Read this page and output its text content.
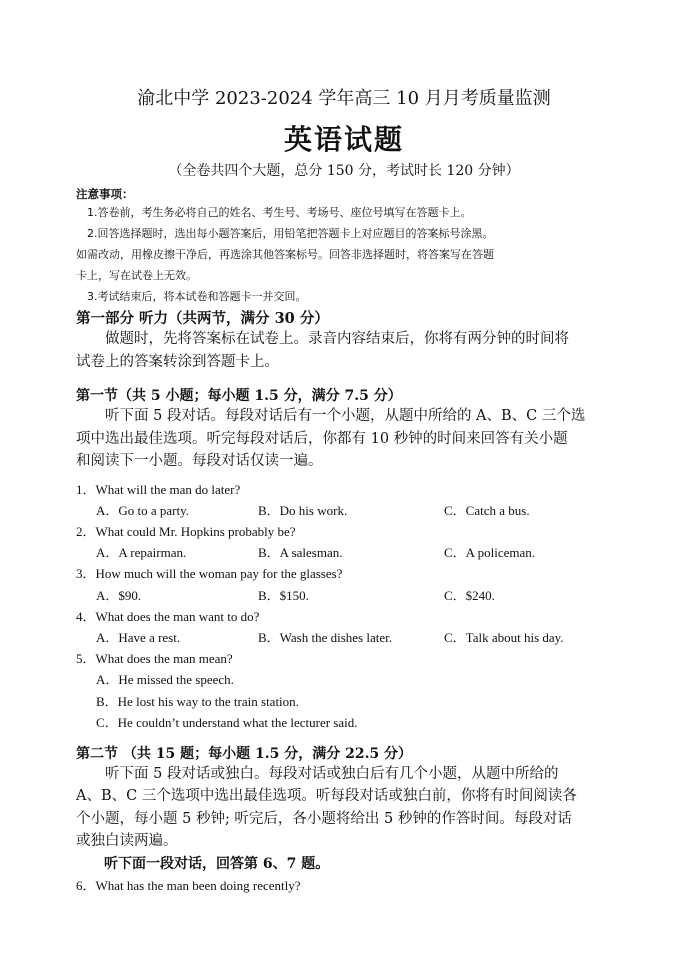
渝北中学 2023-2024 学年高三 10 月月考质量监测

英语试题

（全卷共四个大题，总分 150 分，考试时长 120 分钟）

注意事项：

1.答卷前，考生务必将自己的姓名、考生号、考场号、座位号填写在答题卡上。

2.回答选择题时，选出每小题答案后，用铅笔把答题卡上对应题目的答案标号涂黑。

如需改动，用橡皮擦干净后，再选涂其他答案标号。回答非选择题时，将答案写在答题

卡上，写在试卷上无效。

3.考试结束后，将本试卷和答题卡一并交回。

第一部分 听力（共两节，满分 30 分）

做题时，先将答案标在试卷上。录音内容结束后，你将有两分钟的时间将

试卷上的答案转涂到答题卡上。

第一节（共 5 小题；每小题 1.5 分，满分 7.5 分）

听下面 5 段对话。每段对话后有一个小题，从题中所给的 A、B、C 三个选

项中选出最佳选项。听完每段对话后，你都有 10 秒钟的时间来回答有关小题

和阅读下一小题。每段对话仅读一遍。

1．What will the man do later?

A．Go to a party.	B．Do his work.	C．Catch a bus.

2．What could Mr. Hopkins probably be?

A．A repairman.	B．A salesman.	C．A policeman.

3．How much will the woman pay for the glasses?

A．$90.	B．$150.	C．$240.

4．What does the man want to do?

A．Have a rest.	B．Wash the dishes later.	C．Talk about his day.

5．What does the man mean?

A．He missed the speech.

B．He lost his way to the train station.

C．He couldn’t understand what the lecturer said.

第二节 （共 15 题；每小题 1.5 分，满分 22.5 分）

听下面 5 段对话或独白。每段对话或独白后有几个小题，从题中所给的

A、B、C 三个选项中选出最佳选项。听每段对话或独白前，你将有时间阅读各

个小题，每小题 5 秒钟; 听完后，各小题将给出 5 秒钟的作答时间。每段对话

或独白读两遍。

听下面一段对话，回答第 6、7 题。

6．What has the man been doing recently?
